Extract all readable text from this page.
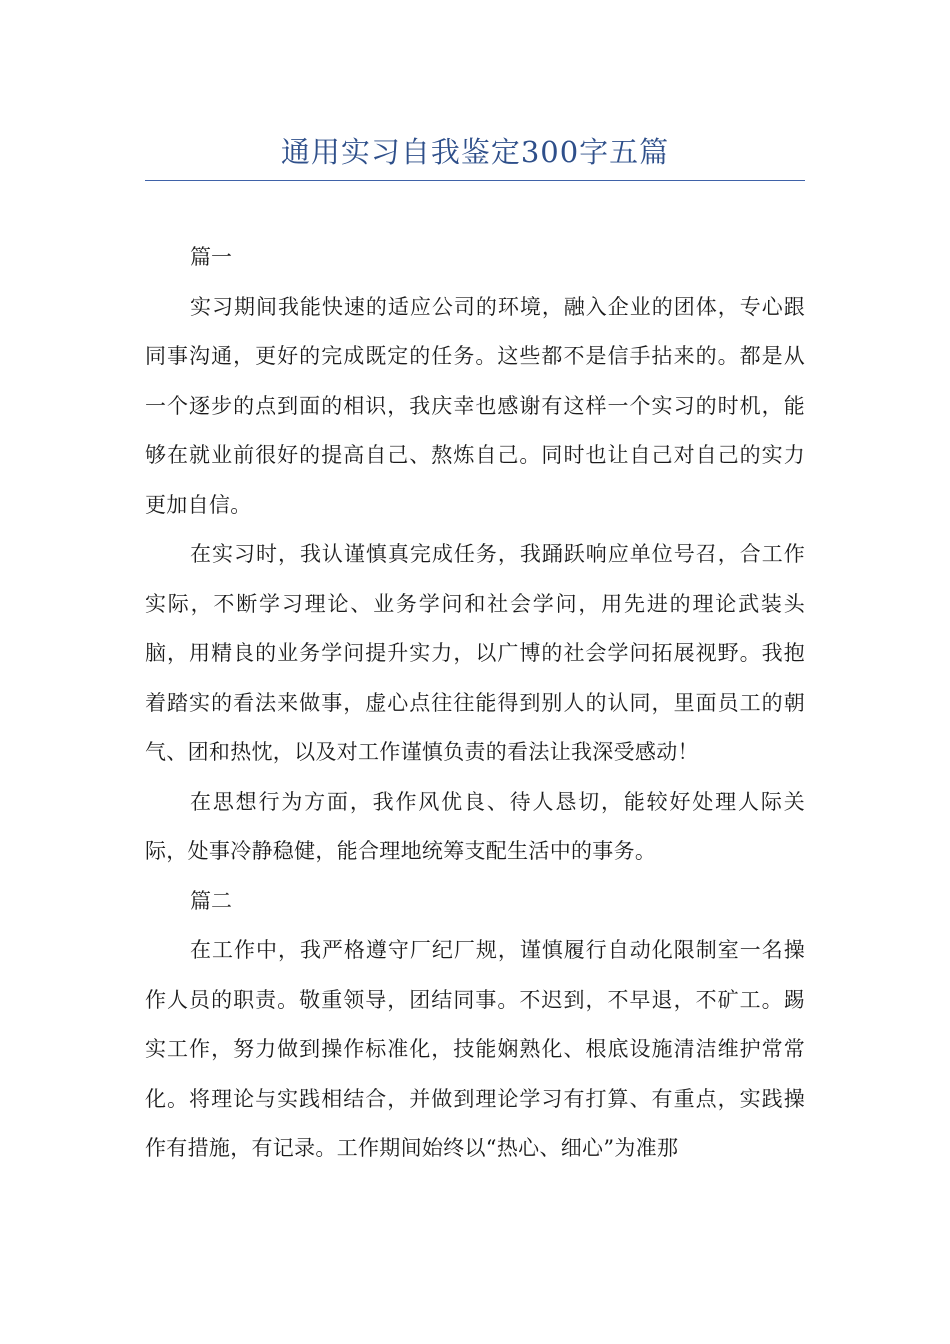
通用实习自我鉴定300字五篇

篇一

实习期间我能快速的适应公司的环境，融入企业的团体，专心跟同事沟通，更好的完成既定的任务。这些都不是信手拈来的。都是从一个逐步的点到面的相识，我庆幸也感谢有这样一个实习的时机，能够在就业前很好的提高自己、熬炼自己。同时也让自己对自己的实力更加自信。

在实习时，我认谨慎真完成任务，我踊跃响应单位号召，合工作实际，不断学习理论、业务学问和社会学问，用先进的理论武装头脑，用精良的业务学问提升实力，以广博的社会学问拓展视野。我抱着踏实的看法来做事，虚心点往往能得到别人的认同，里面员工的朝气、团和热忱，以及对工作谨慎负责的看法让我深受感动！

在思想行为方面，我作风优良、待人恳切，能较好处理人际关际，处事冷静稳健，能合理地统筹支配生活中的事务。

篇二

在工作中，我严格遵守厂纪厂规，谨慎履行自动化限制室一名操作人员的职责。敬重领导，团结同事。不迟到，不早退，不矿工。踢实工作，努力做到操作标准化，技能娴熟化、根底设施清洁维护常常化。将理论与实践相结合，并做到理论学习有打算、有重点，实践操作有措施，有记录。工作期间始终以“热心、细心”为准那
